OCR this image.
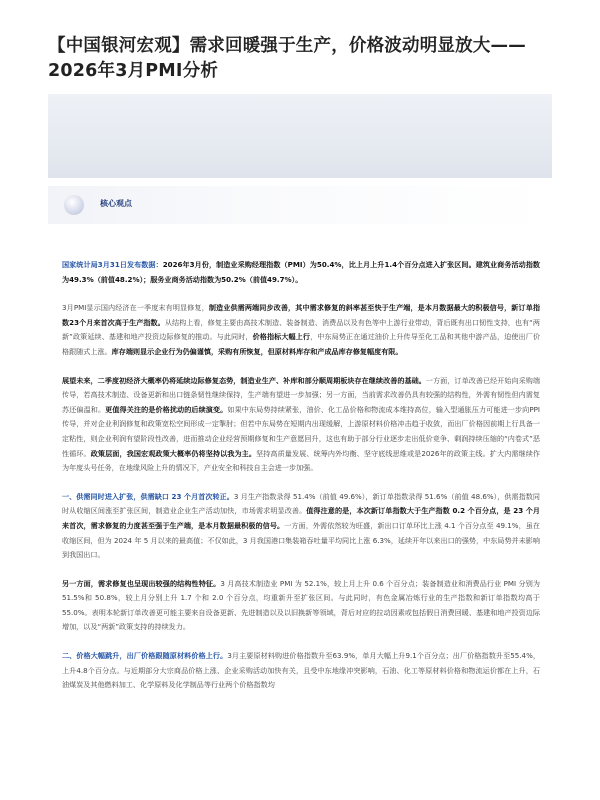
【中国银河宏观】需求回暖强于生产，价格波动明显放大——2026年3月PMI分析
核心观点

国家统计局3月31日发布数据：2026年3月份，制造业采购经理指数（PMI）为50.4%，比上月上升1.4个百分点进入扩张区间。建筑业商务活动指数为49.3%（前值48.2%）；服务业商务活动指数为50.2%（前值49.7%）。

3月PMI显示国内经济在一季度末有明显修复，制造业供需两端同步改善，其中需求修复的斜率甚至快于生产端，是本月数据最大的积极信号，新订单指数23个月来首次高于生产指数。从结构上看，修复主要由高技术制造、装备制造、消费品以及有色等中上游行业带动，背后既有出口韧性支持，也有“两新”政策延续、基建和地产投资边际修复的推动。与此同时，价格指标大幅上行，中东局势正在通过油价上升传导至化工品和其他中游产品，迫使出厂价格跟随式上涨。库存端则显示企业行为仍偏谨慎，采购有所恢复，但原材料库存和产成品库存修复幅度有限。

展望未来，二季度初经济大概率仍将延续边际修复态势，制造业生产、补库和部分顺周期板块存在继续改善的基础。一方面，订单改善已经开始向采购端传导，若高技术制造、设备更新和出口链条韧性继续保持，生产端有望进一步加强；另一方面，当前需求改善仍具有较强的结构性，外需有韧性但内需复苏还偏温和。更值得关注的是价格扰动的后续演变。如果中东局势持续紧张，油价、化工品价格和物流成本维持高位，输入型通胀压力可能进一步向PPI传导，并对企业利润修复和政策宽松空间形成一定掣肘；但若中东局势在短期内出现缓解，上游原材料价格冲击趋于收敛，而出厂价格因前期上行具备一定粘性，则企业利润有望阶段性改善，进而推动企业经营预期修复和生产意愿回升，这也有助于部分行业逐步走出低价竞争、剩润持续压缩的“内卷式”恶性循环。政策层面，我国宏观政策大概率仍将坚持以我为主。坚持高质量发展、统筹内外均衡、坚守底线思维或是2026年的政策主线。扩大内需继续作为年度头号任务，在地缘风险上升的情况下，产业安全和科技自主会进一步加强。

一、供需同时进入扩张，供需缺口 23 个月首次转正。3 月生产指数录得 51.4%（前值 49.6%），新订单指数录得 51.6%（前值 48.6%），供需指数同时从收缩区间涨至扩张区间，制造业企业生产活动加快，市场需求明显改善。值得注意的是，本次新订单指数大于生产指数 0.2 个百分点，是 23 个月来首次，需求修复的力度甚至强于生产端，是本月数据最积极的信号。一方面，外需依然较为旺盛，新出口订单环比上涨 4.1 个百分点至 49.1%，虽在收缩区间，但为 2024 年 5 月以来的最高值；不仅如此，3 月我国港口集装箱吞吐量平均同比上涨 6.3%，延续开年以来出口的强势，中东局势并未影响到我国出口。

另一方面，需求修复也呈现出较强的结构性特征。3 月高技术制造业 PMI 为 52.1%，较上月上升 0.6 个百分点；装备制造业和消费品行业 PMI 分别为 51.5%和 50.8%，较上月分别上升 1.7 个和 2.0 个百分点，均重新升至扩张区间。与此同时，有色金属冶炼行业的生产指数和新订单指数均高于 55.0%。表明本轮新订单改善更可能主要来自设备更新、先进制造以及以旧换新等领域，背后对应的拉动因素或包括假日消费回暖、基建和地产投资边际增加，以及“两新”政策支持的持续发力。

二、价格大幅跳升，出厂价格跟随原材料价格上行。3月主要原材料购进价格指数升至63.9%，单月大幅上升9.1个百分点；出厂价格指数升至55.4%，上升4.8个百分点。与近期部分大宗商品价格上涨、企业采购活动加快有关，且受中东地缘冲突影响，石油、化工等原材料价格和物流运价都在上升，石油煤炭及其他燃料加工、化学原料及化学制品等行业两个价格指数均
